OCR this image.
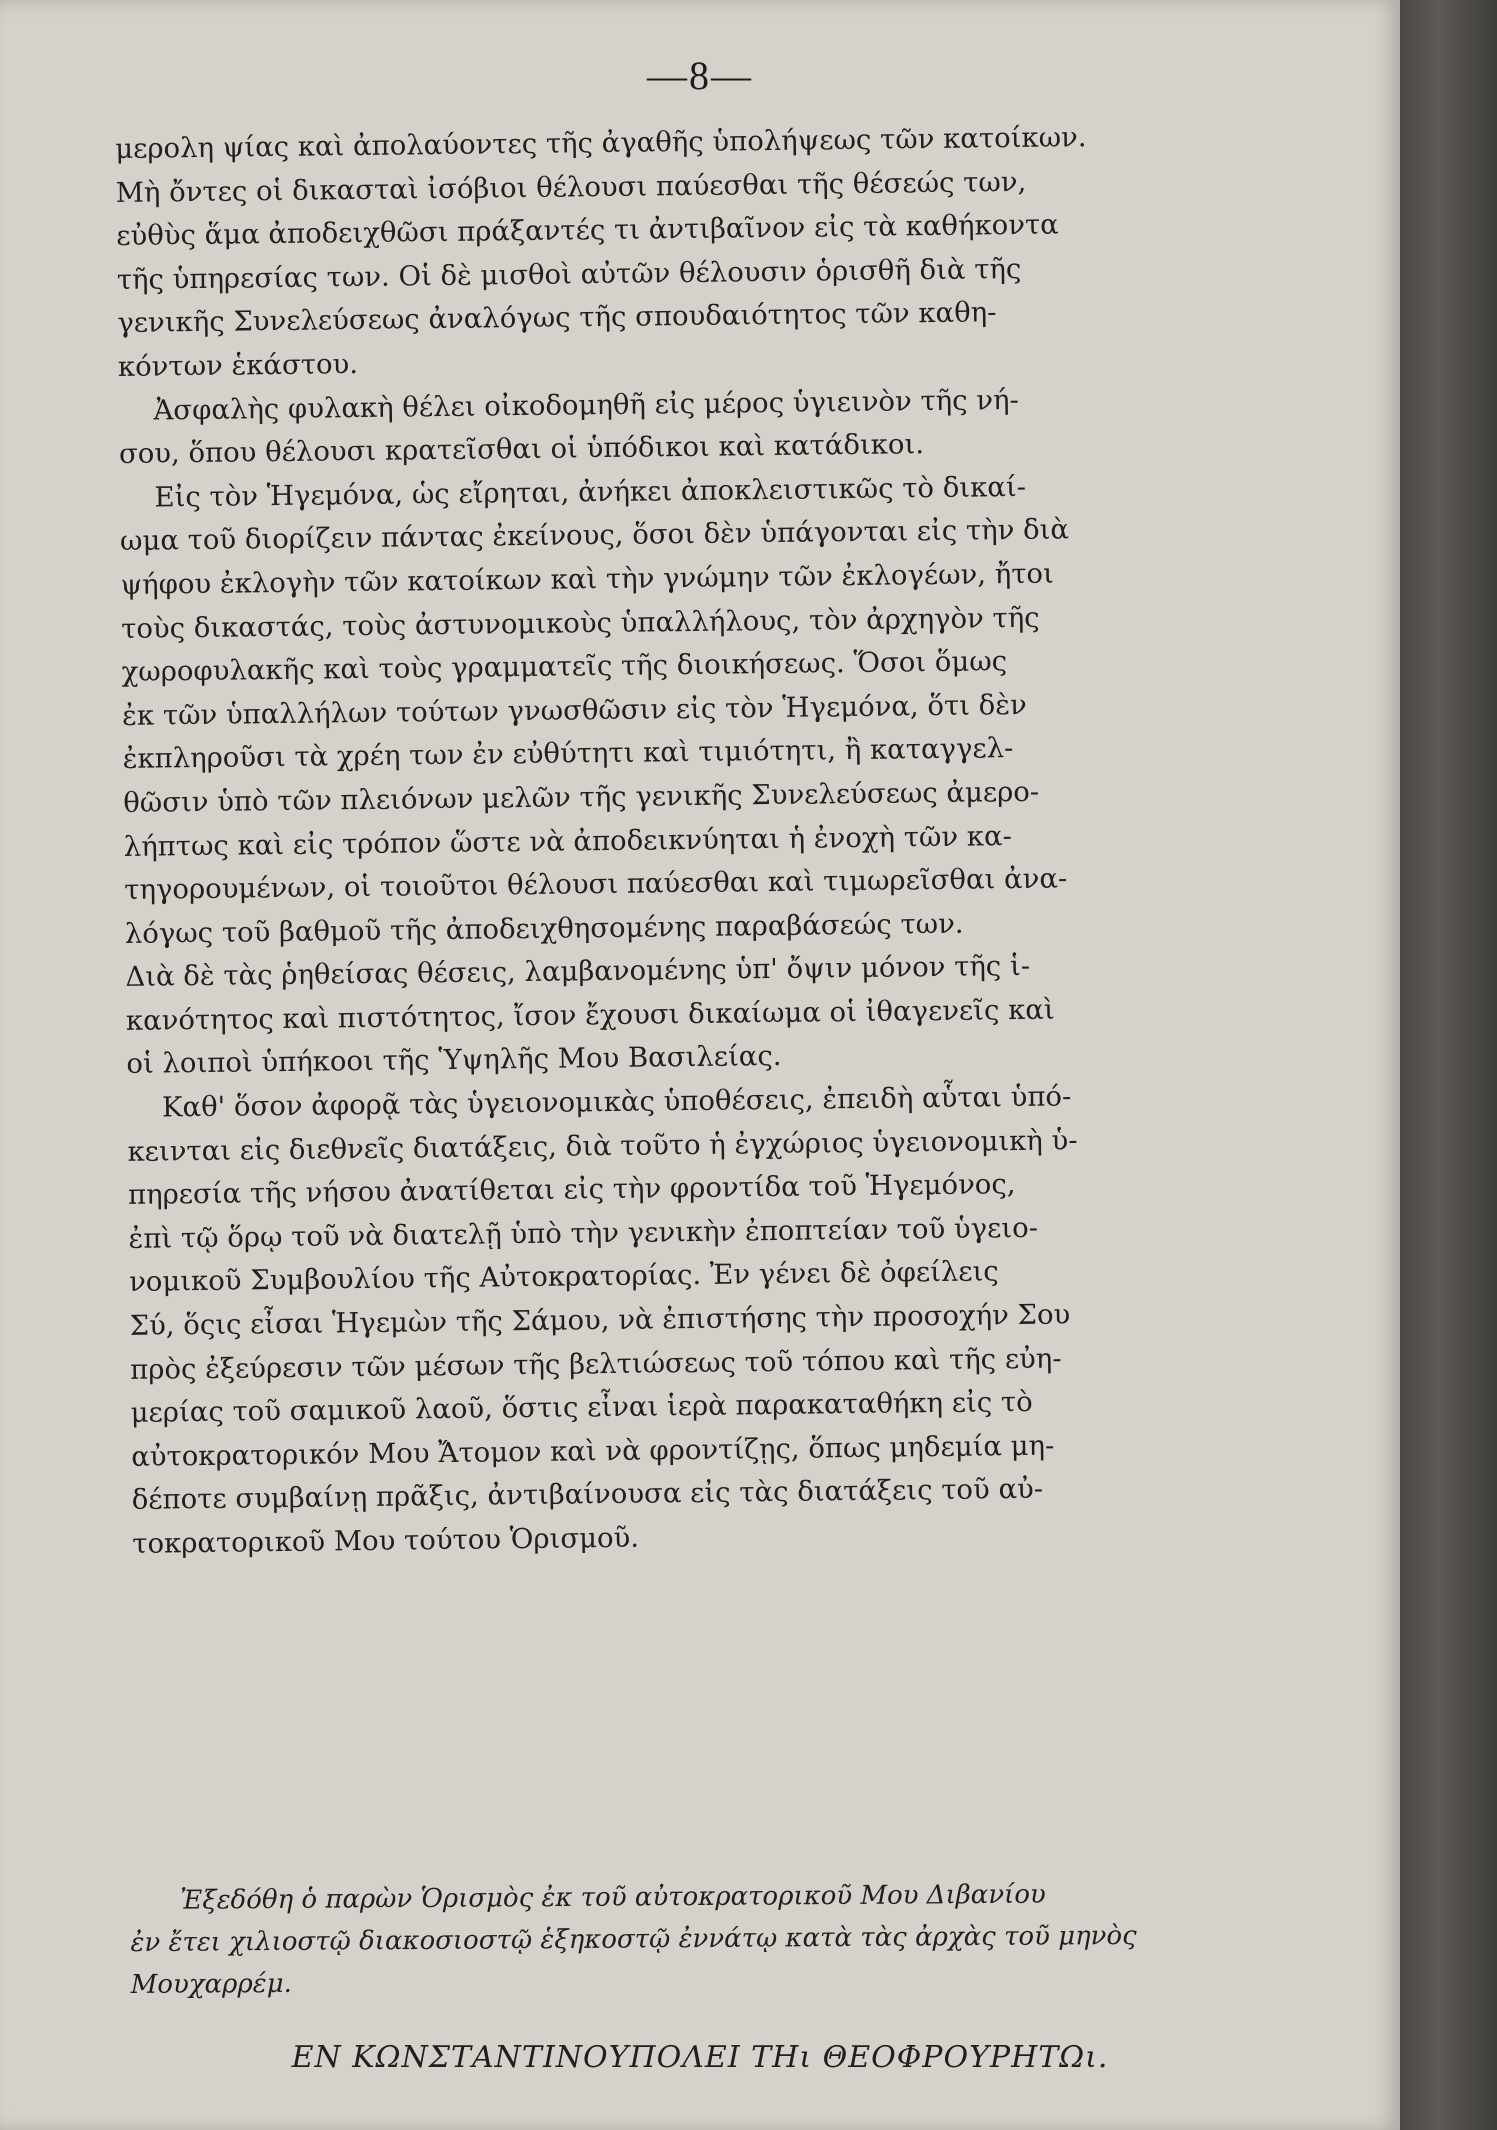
—8—
μερολη ψίας καὶ ἀπολαύοντες τῆς ἀγαθῆς ὑπολήψεως τῶν κατοίκων.
Μὴ ὄντες οἱ δικασταὶ ἰσόβιοι θέλουσι παύεσθαι τῆς θέσεώς των,
εὐθὺς ἅμα ἀποδειχθῶσι πράξαντές τι ἀντιβαῖνον εἰς τὰ καθήκοντα
τῆς ὑπηρεσίας των. Οἱ δὲ μισθοὶ αὐτῶν θέλουσιν ὁρισθῆ διὰ τῆς
γενικῆς Συνελεύσεως ἀναλόγως τῆς σπουδαιότητος τῶν καθη-
κόντων ἑκάστου.
Ἀσφαλὴς φυλακὴ θέλει οἰκοδομηθῆ εἰς μέρος ὑγιεινὸν τῆς νή-
σου, ὅπου θέλουσι κρατεῖσθαι οἱ ὑπόδικοι καὶ κατάδικοι.
Εἰς τὸν Ἡγεμόνα, ὡς εἴρηται, ἀνήκει ἀποκλειστικῶς τὸ δικαί-
ωμα τοῦ διορίζειν πάντας ἐκείνους, ὅσοι δὲν ὑπάγονται εἰς τὴν διὰ
ψήφου ἐκλογὴν τῶν κατοίκων καὶ τὴν γνώμην τῶν ἐκλογέων, ἤτοι
τοὺς δικαστάς, τοὺς ἀστυνομικοὺς ὑπαλλήλους, τὸν ἀρχηγὸν τῆς
χωροφυλακῆς καὶ τοὺς γραμματεῖς τῆς διοικήσεως. Ὅσοι ὅμως
ἐκ τῶν ὑπαλλήλων τούτων γνωσθῶσιν εἰς τὸν Ἡγεμόνα, ὅτι δὲν
ἐκπληροῦσι τὰ χρέη των ἐν εὐθύτητι καὶ τιμιότητι, ἢ καταγγελ-
θῶσιν ὑπὸ τῶν πλειόνων μελῶν τῆς γενικῆς Συνελεύσεως ἀμερο-
λήπτως καὶ εἰς τρόπον ὥστε νὰ ἀποδεικνύηται ἡ ἐνοχὴ τῶν κα-
τηγορουμένων, οἱ τοιοῦτοι θέλουσι παύεσθαι καὶ τιμωρεῖσθαι ἀνα-
λόγως τοῦ βαθμοῦ τῆς ἀποδειχθησομένης παραβάσεώς των.
Διὰ δὲ τὰς ῥηθείσας θέσεις, λαμβανομένης ὑπ' ὄψιν μόνον τῆς ἱ-
κανότητος καὶ πιστότητος, ἴσον ἔχουσι δικαίωμα οἱ ἰθαγενεῖς καὶ
οἱ λοιποὶ ὑπήκοοι τῆς Ὑψηλῆς Μου Βασιλείας.
Καθ' ὅσον ἀφορᾷ τὰς ὑγειονομικὰς ὑποθέσεις, ἐπειδὴ αὗται ὑπό-
κεινται εἰς διεθνεῖς διατάξεις, διὰ τοῦτο ἡ ἐγχώριος ὑγειονομικὴ ὑ-
πηρεσία τῆς νήσου ἀνατίθεται εἰς τὴν φροντίδα τοῦ Ἡγεμόνος,
ἐπὶ τῷ ὅρῳ τοῦ νὰ διατελῇ ὑπὸ τὴν γενικὴν ἐποπτείαν τοῦ ὑγειο-
νομικοῦ Συμβουλίου τῆς Αὐτοκρατορίας. Ἐν γένει δὲ ὀφείλεις
Σύ, ὅςις εἶσαι Ἡγεμὼν τῆς Σάμου, νὰ ἐπιστήσης τὴν προσοχήν Σου
πρὸς ἐξεύρεσιν τῶν μέσων τῆς βελτιώσεως τοῦ τόπου καὶ τῆς εὐη-
μερίας τοῦ σαμικοῦ λαοῦ, ὅστις εἶναι ἱερὰ παρακαταθήκη εἰς τὸ
αὐτοκρατορικόν Μου Ἄτομον καὶ νὰ φροντίζῃς, ὅπως μηδεμία μη-
δέποτε συμβαίνῃ πρᾶξις, ἀντιβαίνουσα εἰς τὰς διατάξεις τοῦ αὐ-
τοκρατορικοῦ Μου τούτου Ὁρισμοῦ.
Ἐξεδόθη ὁ παρὼν Ὁρισμὸς ἐκ τοῦ αὐτοκρατορικοῦ Μου Διβανίου
ἐν ἔτει χιλιοστῷ διακοσιοστῷ ἑξηκοστῷ ἐννάτῳ κατὰ τὰς ἀρχὰς τοῦ μηνὸς
Μουχαρρέμ.
ΕΝ ΚΩΝΣΤΑΝΤΙΝΟΥΠΟΛΕΙ ΤΗι ΘΕΟΦΡΟΥΡΗΤΩι.
